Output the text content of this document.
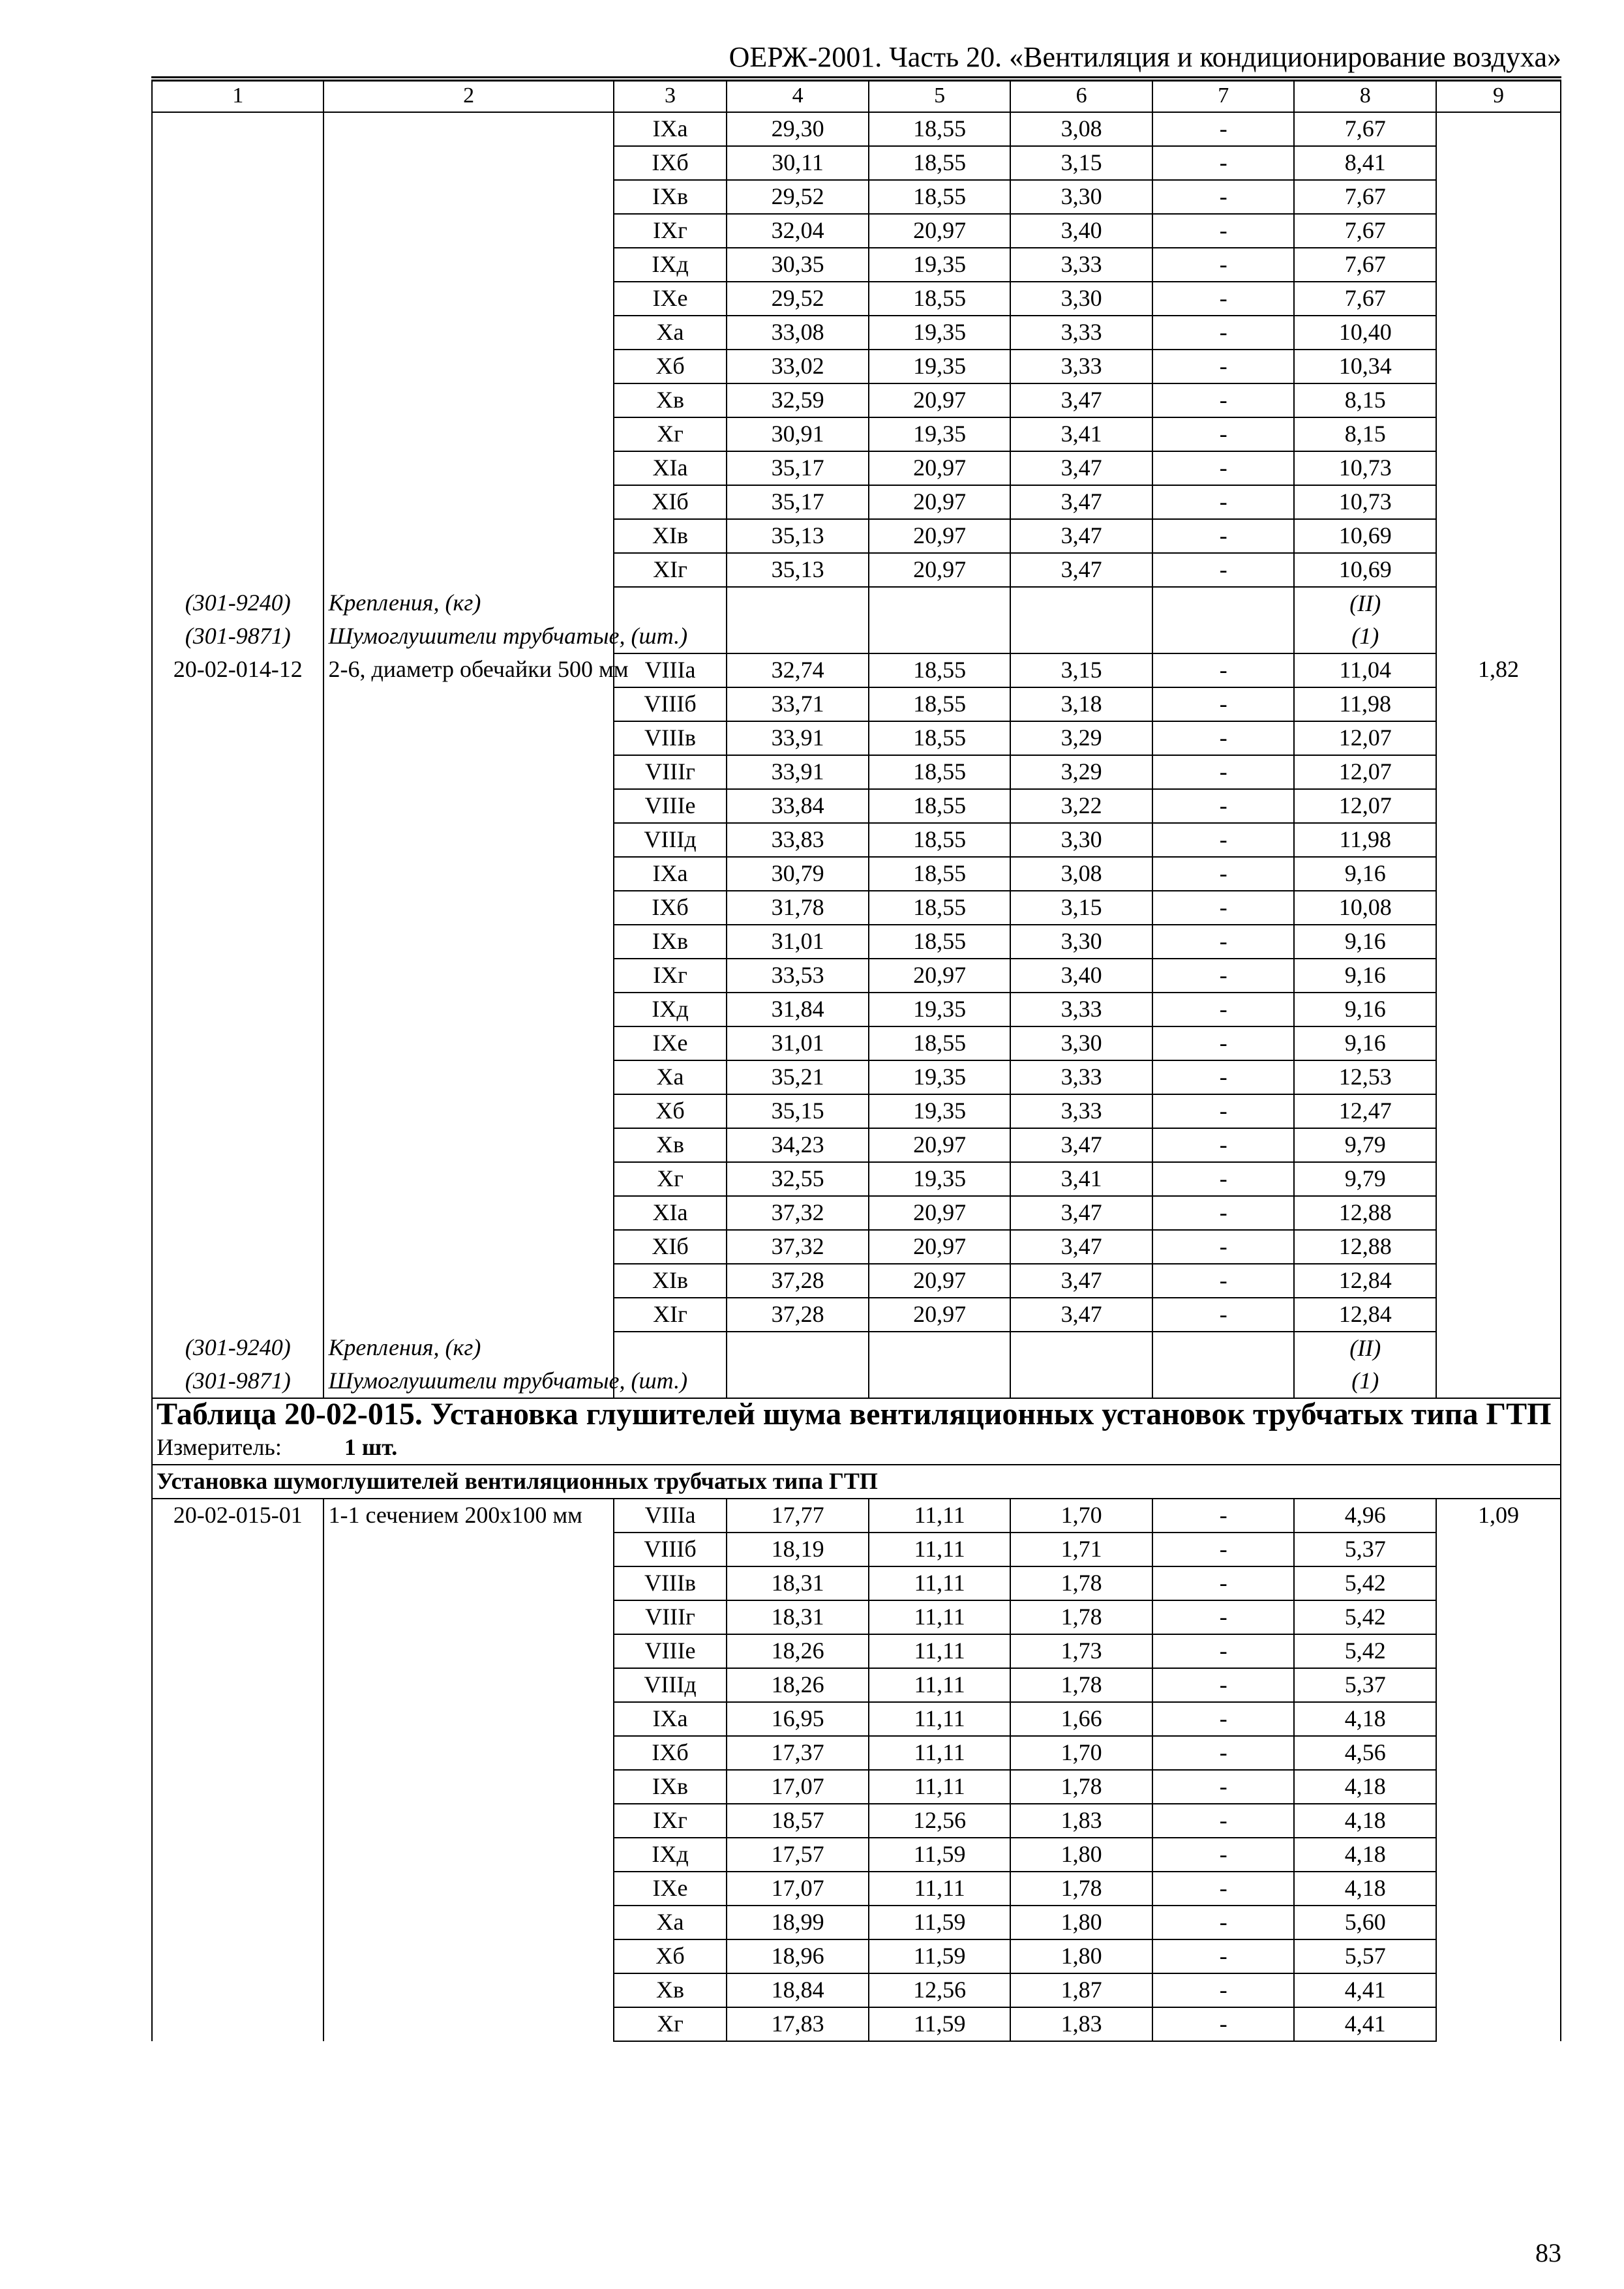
ОЕРЖ-2001. Часть 20. «Вентиляция и кондиционирование воздуха»
1	2	3	4	5	6	7	8	9
		IXа	29,30	18,55	3,08	-	7,67	
		IXб	30,11	18,55	3,15	-	8,41	
		IXв	29,52	18,55	3,30	-	7,67	
		IXг	32,04	20,97	3,40	-	7,67	
		IXд	30,35	19,35	3,33	-	7,67	
		IXе	29,52	18,55	3,30	-	7,67	
		Xа	33,08	19,35	3,33	-	10,40	
		Xб	33,02	19,35	3,33	-	10,34	
		Xв	32,59	20,97	3,47	-	8,15	
		Xг	30,91	19,35	3,41	-	8,15	
		XIа	35,17	20,97	3,47	-	10,73	
		XIб	35,17	20,97	3,47	-	10,73	
		XIв	35,13	20,97	3,47	-	10,69	
		XIг	35,13	20,97	3,47	-	10,69	
(301-9240)	Крепления, (кг)						(II)	
(301-9871)	Шумоглушители трубчатые, (шт.)						(1)	
20-02-014-12	2-6, диаметр обечайки 500 мм	VIIIа	32,74	18,55	3,15	-	11,04	1,82
		VIIIб	33,71	18,55	3,18	-	11,98	
		VIIIв	33,91	18,55	3,29	-	12,07	
		VIIIг	33,91	18,55	3,29	-	12,07	
		VIIIе	33,84	18,55	3,22	-	12,07	
		VIIIд	33,83	18,55	3,30	-	11,98	
		IXа	30,79	18,55	3,08	-	9,16	
		IXб	31,78	18,55	3,15	-	10,08	
		IXв	31,01	18,55	3,30	-	9,16	
		IXг	33,53	20,97	3,40	-	9,16	
		IXд	31,84	19,35	3,33	-	9,16	
		IXе	31,01	18,55	3,30	-	9,16	
		Xа	35,21	19,35	3,33	-	12,53	
		Xб	35,15	19,35	3,33	-	12,47	
		Xв	34,23	20,97	3,47	-	9,79	
		Xг	32,55	19,35	3,41	-	9,79	
		XIа	37,32	20,97	3,47	-	12,88	
		XIб	37,32	20,97	3,47	-	12,88	
		XIв	37,28	20,97	3,47	-	12,84	
		XIг	37,28	20,97	3,47	-	12,84	
(301-9240)	Крепления, (кг)						(II)	
(301-9871)	Шумоглушители трубчатые, (шт.)						(1)	
Таблица 20-02-015. Установка глушителей шума вентиляционных установок трубчатых типа ГТП								
Измеритель: 1 шт.								
Установка шумоглушителей вентиляционных трубчатых типа ГТП								
20-02-015-01	1-1 сечением 200х100 мм	VIIIа	17,77	11,11	1,70	-	4,96	1,09
		VIIIб	18,19	11,11	1,71	-	5,37	
		VIIIв	18,31	11,11	1,78	-	5,42	
		VIIIг	18,31	11,11	1,78	-	5,42	
		VIIIе	18,26	11,11	1,73	-	5,42	
		VIIIд	18,26	11,11	1,78	-	5,37	
		IXа	16,95	11,11	1,66	-	4,18	
		IXб	17,37	11,11	1,70	-	4,56	
		IXв	17,07	11,11	1,78	-	4,18	
		IXг	18,57	12,56	1,83	-	4,18	
		IXд	17,57	11,59	1,80	-	4,18	
		IXе	17,07	11,11	1,78	-	4,18	
		Xа	18,99	11,59	1,80	-	5,60	
		Xб	18,96	11,59	1,80	-	5,57	
		Xв	18,84	12,56	1,87	-	4,41	
		Xг	17,83	11,59	1,83	-	4,41	
83
